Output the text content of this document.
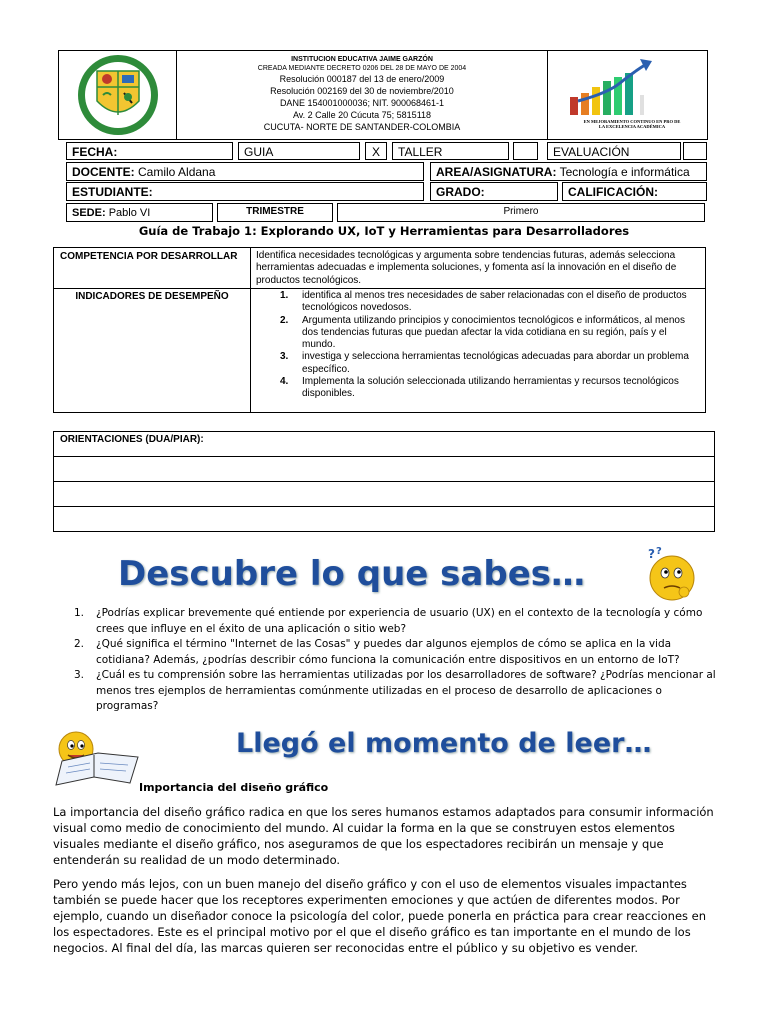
INSTITUCION EDUCATIVA JAIME GARZÓN
CREADA MEDIANTE DECRETO 0206 DEL 28 DE MAYO DE 2004
Resolución 000187 del 13 de enero/2009
Resolución 002169 del 30 de noviembre/2010
DANE 154001000036; NIT. 900068461-1
Av. 2 Calle 20 Cúcuta 75; 5815118
CUCUTA- NORTE DE SANTANDER-COLOMBIA
EN MEJORAMIENTO CONTINUO EN PRO DE LA EXCELENCIA ACADÉMICA
FECHA:	GUIA	X	TALLER	EVALUACIÓN
DOCENTE: Camilo Aldana	AREA/ASIGNATURA: Tecnología e informática
ESTUDIANTE:	GRADO:	CALIFICACIÓN:
SEDE: Pablo VI	TRIMESTRE	Primero
Guía de Trabajo 1: Explorando UX, IoT y Herramientas para Desarrolladores
COMPETENCIA POR DESARROLLAR	Identifica necesidades tecnológicas y argumenta sobre tendencias futuras, además selecciona herramientas adecuadas e implementa soluciones, y fomenta así la innovación en el diseño de productos tecnológicos.
INDICADORES DE DESEMPEÑO	1. identifica al menos tres necesidades de saber relacionadas con el diseño de productos tecnológicos novedosos.
2. Argumenta utilizando principios y conocimientos tecnológicos e informáticos, al menos dos tendencias futuras que puedan afectar la vida cotidiana en su región, país y el mundo.
3. investiga y selecciona herramientas tecnológicas adecuadas para abordar un problema específico.
4. Implementa la solución seleccionada utilizando herramientas y recursos tecnológicos disponibles.
ORIENTACIONES (DUA/PIAR):
Descubre lo que sabes…	? ?
1. ¿Podrías explicar brevemente qué entiende por experiencia de usuario (UX) en el contexto de la tecnología y cómo crees que influye en el éxito de una aplicación o sitio web?
2. ¿Qué significa el término "Internet de las Cosas" y puedes dar algunos ejemplos de cómo se aplica en la vida cotidiana? Además, ¿podrías describir cómo funciona la comunicación entre dispositivos en un entorno de IoT?
3. ¿Cuál es tu comprensión sobre las herramientas utilizadas por los desarrolladores de software? ¿Podrías mencionar al menos tres ejemplos de herramientas comúnmente utilizadas en el proceso de desarrollo de aplicaciones o programas?
Llegó el momento de leer…
Importancia del diseño gráfico
La importancia del diseño gráfico radica en que los seres humanos estamos adaptados para consumir información visual como medio de conocimiento del mundo. Al cuidar la forma en la que se construyen estos elementos visuales mediante el diseño gráfico, nos aseguramos de que los espectadores recibirán un mensaje y que entenderán su realidad de un modo determinado.
Pero yendo más lejos, con un buen manejo del diseño gráfico y con el uso de elementos visuales impactantes también se puede hacer que los receptores experimenten emociones y que actúen de diferentes modos. Por ejemplo, cuando un diseñador conoce la psicología del color, puede ponerla en práctica para crear reacciones en los espectadores. Este es el principal motivo por el que el diseño gráfico es tan importante en el mundo de los negocios. Al final del día, las marcas quieren ser reconocidas entre el público y su objetivo es vender.
